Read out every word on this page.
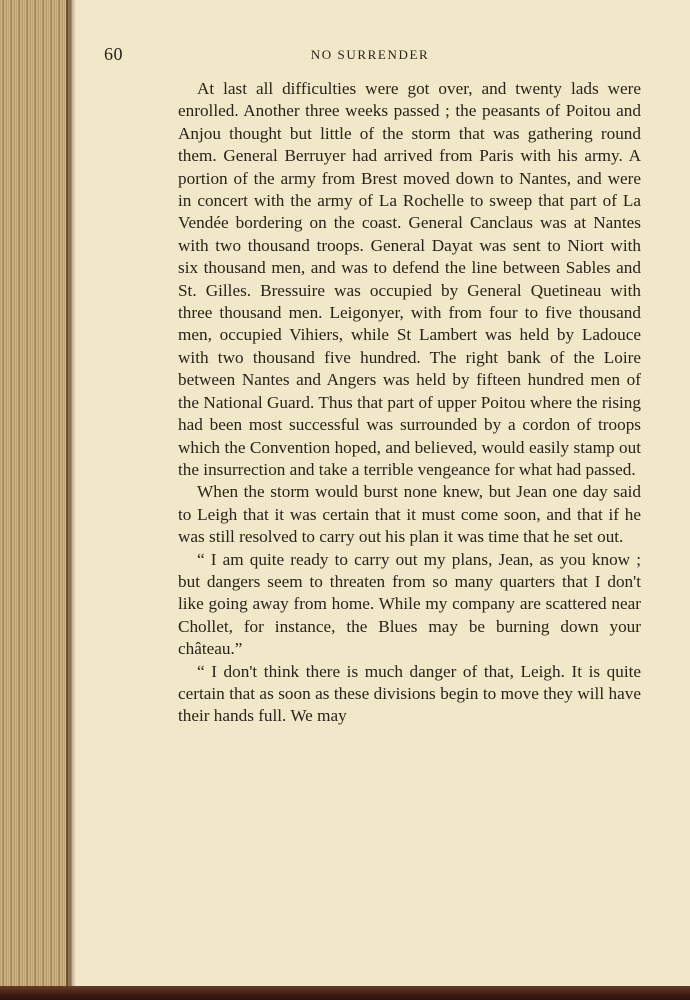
60	NO SURRENDER

At last all difficulties were got over, and twenty lads were enrolled. Another three weeks passed ; the peasants of Poitou and Anjou thought but little of the storm that was gathering round them. General Berruyer had arrived from Paris with his army. A portion of the army from Brest moved down to Nantes, and were in concert with the army of La Rochelle to sweep that part of La Vendée bordering on the coast. General Canclaus was at Nantes with two thousand troops. General Dayat was sent to Niort with six thousand men, and was to defend the line between Sables and St. Gilles. Bressuire was occupied by General Quetineau with three thousand men. Leigonyer, with from four to five thousand men, occupied Vihiers, while St Lambert was held by Ladouce with two thousand five hundred. The right bank of the Loire between Nantes and Angers was held by fifteen hundred men of the National Guard. Thus that part of upper Poitou where the rising had been most successful was surrounded by a cordon of troops which the Convention hoped, and believed, would easily stamp out the insurrection and take a terrible vengeance for what had passed.

When the storm would burst none knew, but Jean one day said to Leigh that it was certain that it must come soon, and that if he was still resolved to carry out his plan it was time that he set out.

“ I am quite ready to carry out my plans, Jean, as you know ; but dangers seem to threaten from so many quarters that I don't like going away from home. While my company are scattered near Chollet, for instance, the Blues may be burning down your château.”

“ I don't think there is much danger of that, Leigh. It is quite certain that as soon as these divisions begin to move they will have their hands full. We may
